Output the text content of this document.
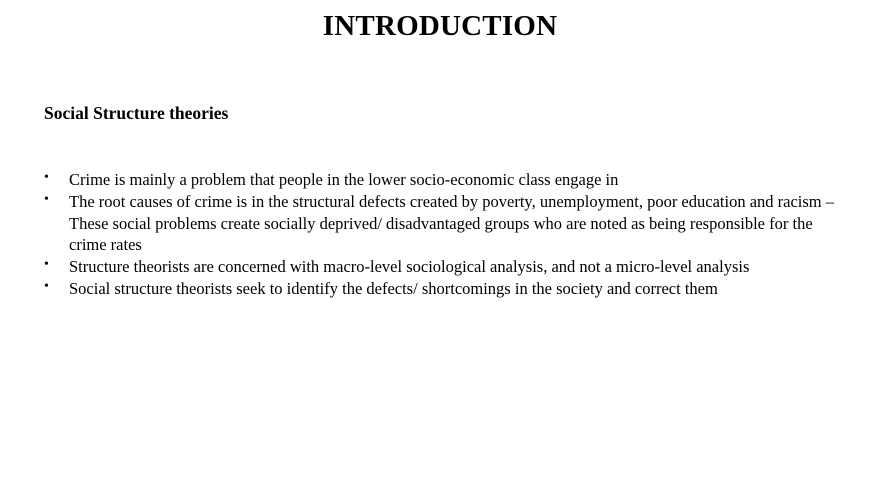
INTRODUCTION
Social Structure theories
• Crime is mainly a problem that people in the lower socio-economic class engage in
• The root causes of crime is in the structural defects created by poverty, unemployment, poor education and racism – These social problems create socially deprived/ disadvantaged groups who are noted as being responsible for the crime rates
• Structure theorists are concerned with macro-level sociological analysis, and not a micro-level analysis
• Social structure theorists seek to identify the defects/ shortcomings in the society and correct them
